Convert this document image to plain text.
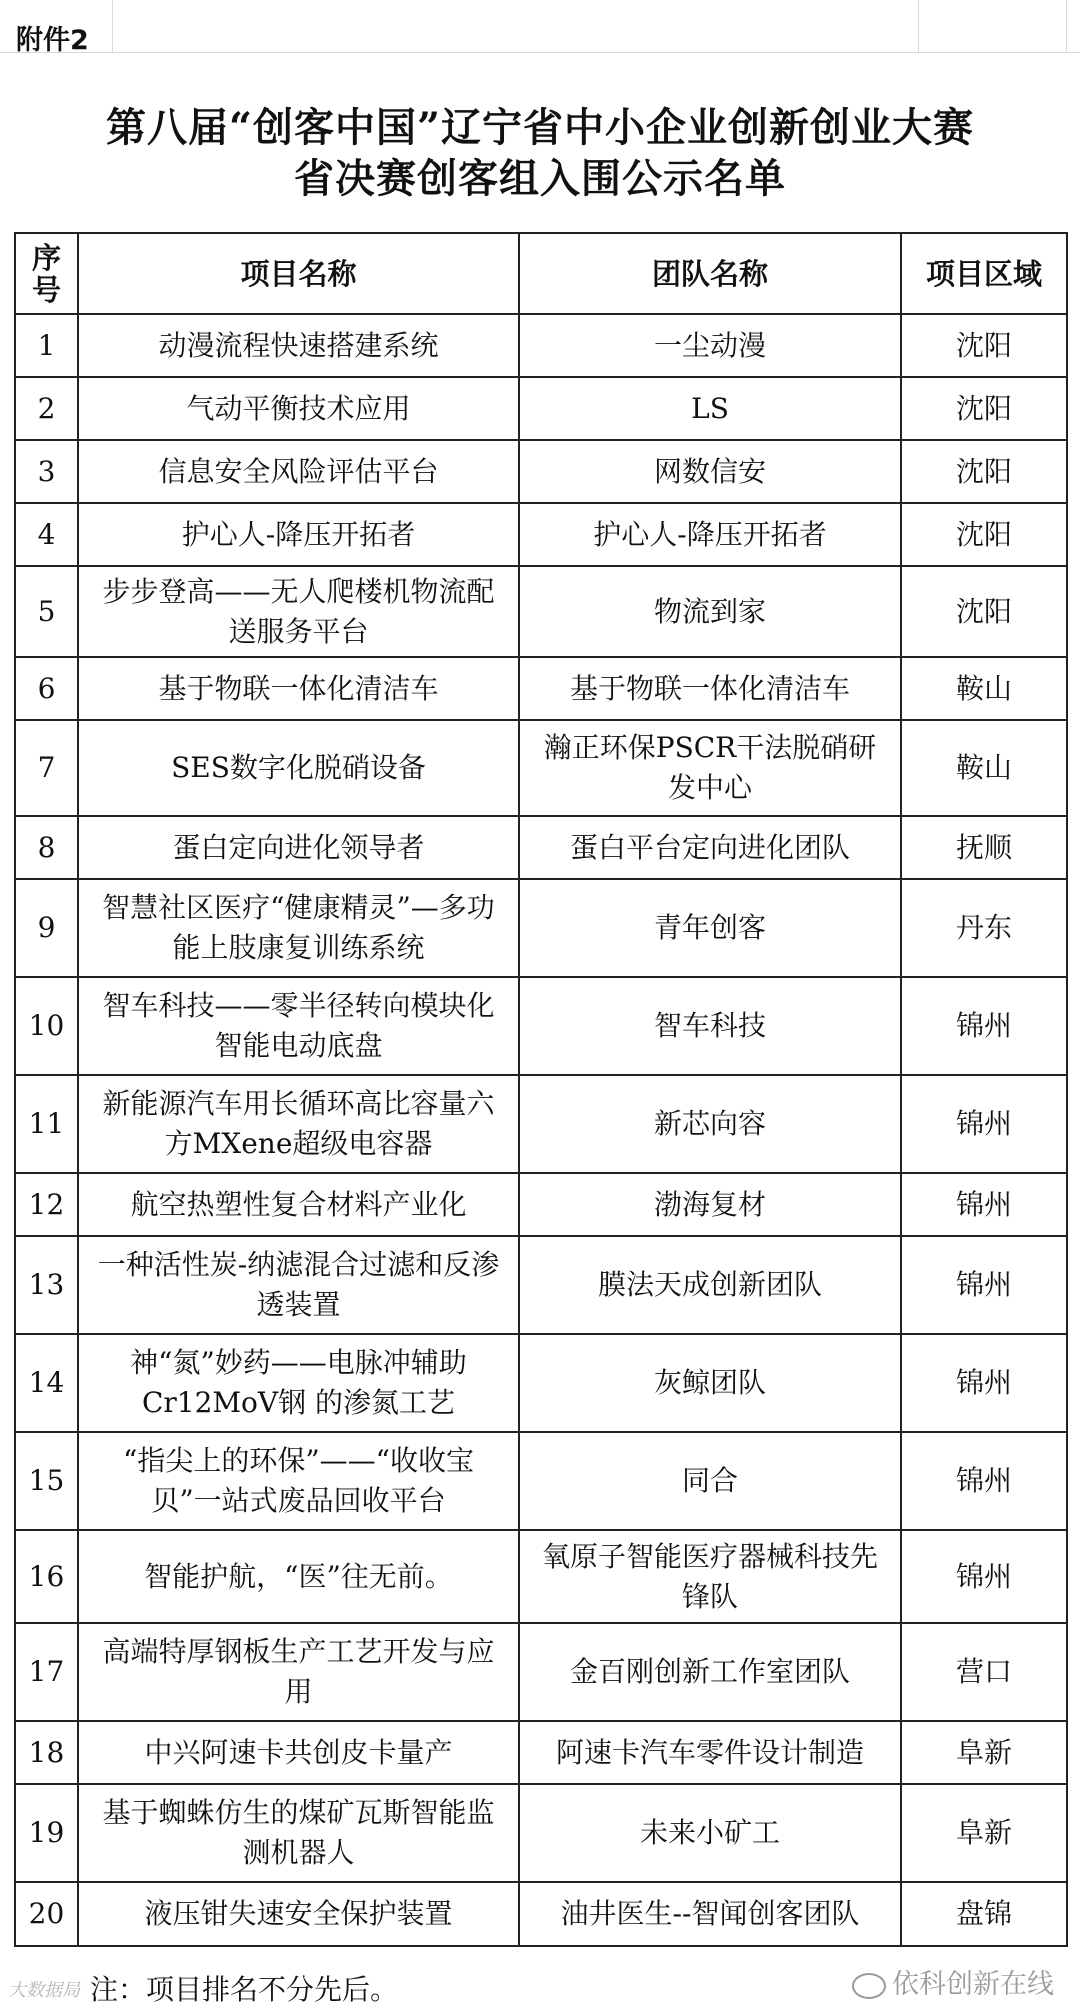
附件2
第八届“创客中国”辽宁省中小企业创新创业大赛
省决赛创客组入围公示名单
序号	项目名称	团队名称	项目区域
1	动漫流程快速搭建系统	一尘动漫	沈阳
2	气动平衡技术应用	LS	沈阳
3	信息安全风险评估平台	网数信安	沈阳
4	护心人-降压开拓者	护心人-降压开拓者	沈阳
5	步步登高——无人爬楼机物流配送服务平台	物流到家	沈阳
6	基于物联一体化清洁车	基于物联一体化清洁车	鞍山
7	SES数字化脱硝设备	瀚正环保PSCR干法脱硝研发中心	鞍山
8	蛋白定向进化领导者	蛋白平台定向进化团队	抚顺
9	智慧社区医疗“健康精灵”—多功能上肢康复训练系统	青年创客	丹东
10	智车科技——零半径转向模块化智能电动底盘	智车科技	锦州
11	新能源汽车用长循环高比容量六方MXene超级电容器	新芯向容	锦州
12	航空热塑性复合材料产业化	渤海复材	锦州
13	一种活性炭-纳滤混合过滤和反渗透装置	膜法天成创新团队	锦州
14	神“氮”妙药——电脉冲辅助Cr12MoV钢 的渗氮工艺	灰鲸团队	锦州
15	“指尖上的环保”——“收收宝贝”一站式废品回收平台	同合	锦州
16	智能护航，“医”往无前。	氧原子智能医疗器械科技先锋队	锦州
17	高端特厚钢板生产工艺开发与应用	金百刚创新工作室团队	营口
18	中兴阿速卡共创皮卡量产	阿速卡汽车零件设计制造	阜新
19	基于蜘蛛仿生的煤矿瓦斯智能监测机器人	未来小矿工	阜新
20	液压钳失速安全保护装置	油井医生--智闻创客团队	盘锦
注：项目排名不分先后。
大数据局	依科创新在线
